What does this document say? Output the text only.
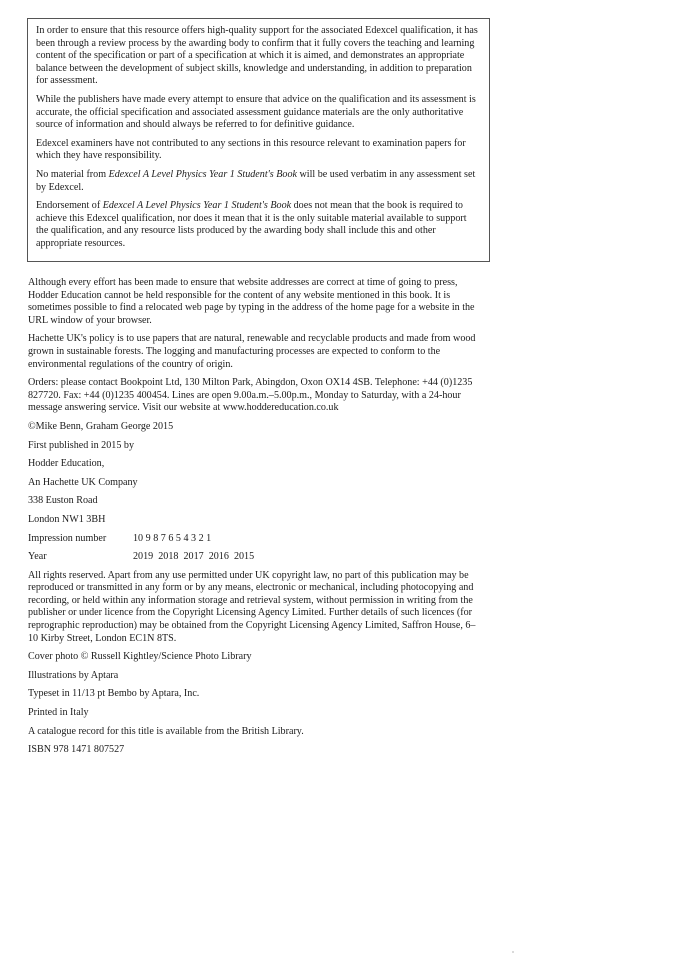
In order to ensure that this resource offers high-quality support for the associated Edexcel qualification, it has been through a review process by the awarding body to confirm that it fully covers the teaching and learning content of the specification or part of a specification at which it is aimed, and demonstrates an appropriate balance between the development of subject skills, knowledge and understanding, in addition to preparation for assessment.

While the publishers have made every attempt to ensure that advice on the qualification and its assessment is accurate, the official specification and associated assessment guidance materials are the only authoritative source of information and should always be referred to for definitive guidance.

Edexcel examiners have not contributed to any sections in this resource relevant to examination papers for which they have responsibility.

No material from Edexcel A Level Physics Year 1 Student's Book will be used verbatim in any assessment set by Edexcel.

Endorsement of Edexcel A Level Physics Year 1 Student's Book does not mean that the book is required to achieve this Edexcel qualification, nor does it mean that it is the only suitable material available to support the qualification, and any resource lists produced by the awarding body shall include this and other appropriate resources.

Although every effort has been made to ensure that website addresses are correct at time of going to press, Hodder Education cannot be held responsible for the content of any website mentioned in this book. It is sometimes possible to find a relocated web page by typing in the address of the home page for a website in the URL window of your browser.

Hachette UK's policy is to use papers that are natural, renewable and recyclable products and made from wood grown in sustainable forests. The logging and manufacturing processes are expected to conform to the environmental regulations of the country of origin.

Orders: please contact Bookpoint Ltd, 130 Milton Park, Abingdon, Oxon OX14 4SB. Telephone: +44 (0)1235 827720. Fax: +44 (0)1235 400454. Lines are open 9.00a.m.–5.00p.m., Monday to Saturday, with a 24-hour message answering service. Visit our website at www.hoddereducation.co.uk

©Mike Benn, Graham George 2015
First published in 2015 by
Hodder Education,
An Hachette UK Company
338 Euston Road
London NW1 3BH
Impression number	10 9 8 7 6 5 4 3 2 1
Year	2019  2018  2017  2016  2015

All rights reserved. Apart from any use permitted under UK copyright law, no part of this publication may be reproduced or transmitted in any form or by any means, electronic or mechanical, including photocopying and recording, or held within any information storage and retrieval system, without permission in writing from the publisher or under licence from the Copyright Licensing Agency Limited. Further details of such licences (for reprographic reproduction) may be obtained from the Copyright Licensing Agency Limited, Saffron House, 6–10 Kirby Street, London EC1N 8TS.

Cover photo © Russell Kightley/Science Photo Library
Illustrations by Aptara
Typeset in 11/13 pt Bembo by Aptara, Inc.
Printed in Italy
A catalogue record for this title is available from the British Library.
ISBN 978 1471 807527
